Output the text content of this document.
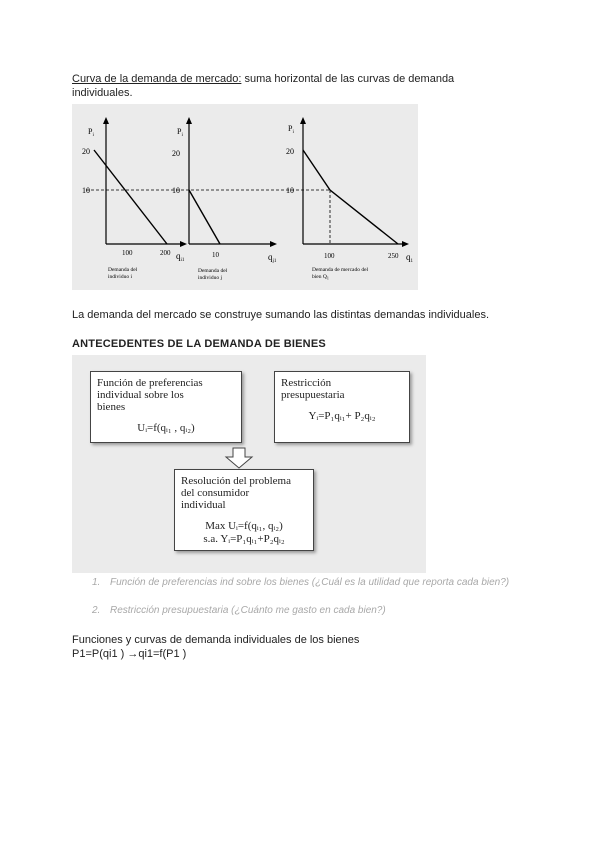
Curva de la demanda de mercado: suma horizontal de las curvas de demanda
individuales.
$P_i$
20
10
100	200 $q_{i1}$
Demanda del
individuo i
$P_i$
20
10
10	$q_{j1}$
Demanda del
individuo j
$P_i$
20
10
100	250 $q_1$
Demanda de mercado del
bien $Q_1$
La demanda del mercado se construye sumando las distintas demandas individuales.
ANTECEDENTES DE LA DEMANDA DE BIENES
Función de preferencias
individual sobre los
bienes
Uᵢ=f(qᵢ₁ , qᵢ₂)
Restricción
presupuestaria
Yᵢ=P₁qᵢ₁+ P₂qᵢ₂
Resolución del problema
del consumidor
individual
Max Uᵢ=f(qᵢ₁, qᵢ₂)
s.a. Yᵢ=P₁qᵢ₁+P₂qᵢ₂
1. Función de preferencias ind sobre los bienes (¿Cuál es la utilidad que reporta cada bien?)
2. Restricción presupuestaria (¿Cuánto me gasto en cada bien?)
Funciones y curvas de demanda individuales de los bienes
P1=P(qi1 ) →qi1=f(P1 )
